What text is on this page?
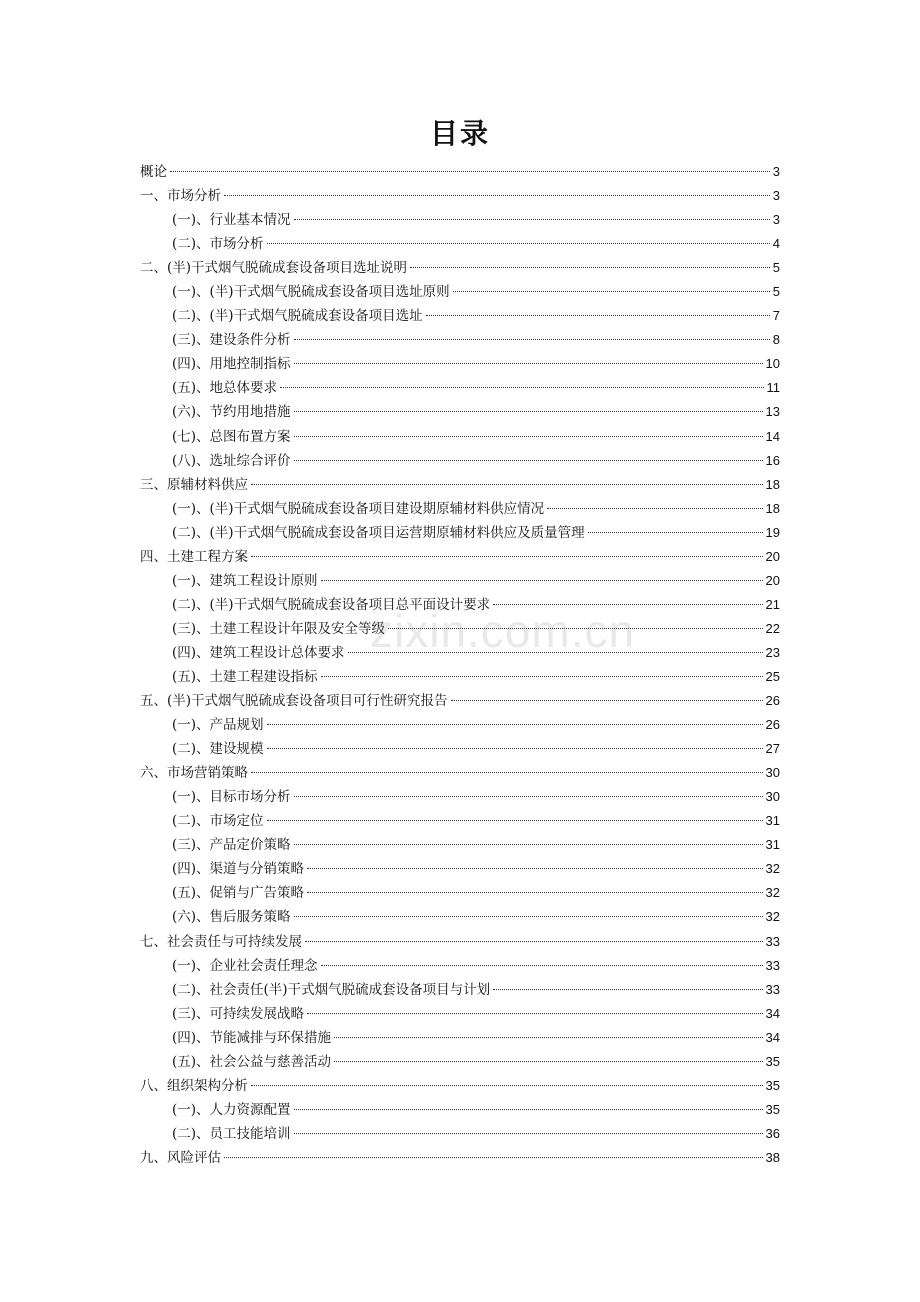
目录
概论	3
一、市场分析	3
(一)、行业基本情况	3
(二)、市场分析	4
二、(半)干式烟气脱硫成套设备项目选址说明	5
(一)、(半)干式烟气脱硫成套设备项目选址原则	5
(二)、(半)干式烟气脱硫成套设备项目选址	7
(三)、建设条件分析	8
(四)、用地控制指标	10
(五)、地总体要求	11
(六)、节约用地措施	13
(七)、总图布置方案	14
(八)、选址综合评价	16
三、原辅材料供应	18
(一)、(半)干式烟气脱硫成套设备项目建设期原辅材料供应情况	18
(二)、(半)干式烟气脱硫成套设备项目运营期原辅材料供应及质量管理	19
四、土建工程方案	20
(一)、建筑工程设计原则	20
(二)、(半)干式烟气脱硫成套设备项目总平面设计要求	21
(三)、土建工程设计年限及安全等级	22
(四)、建筑工程设计总体要求	23
(五)、土建工程建设指标	25
五、(半)干式烟气脱硫成套设备项目可行性研究报告	26
(一)、产品规划	26
(二)、建设规模	27
六、市场营销策略	30
(一)、目标市场分析	30
(二)、市场定位	31
(三)、产品定价策略	31
(四)、渠道与分销策略	32
(五)、促销与广告策略	32
(六)、售后服务策略	32
七、社会责任与可持续发展	33
(一)、企业社会责任理念	33
(二)、社会责任(半)干式烟气脱硫成套设备项目与计划	33
(三)、可持续发展战略	34
(四)、节能减排与环保措施	34
(五)、社会公益与慈善活动	35
八、组织架构分析	35
(一)、人力资源配置	35
(二)、员工技能培训	36
九、风险评估	38
zixin.com.cn
